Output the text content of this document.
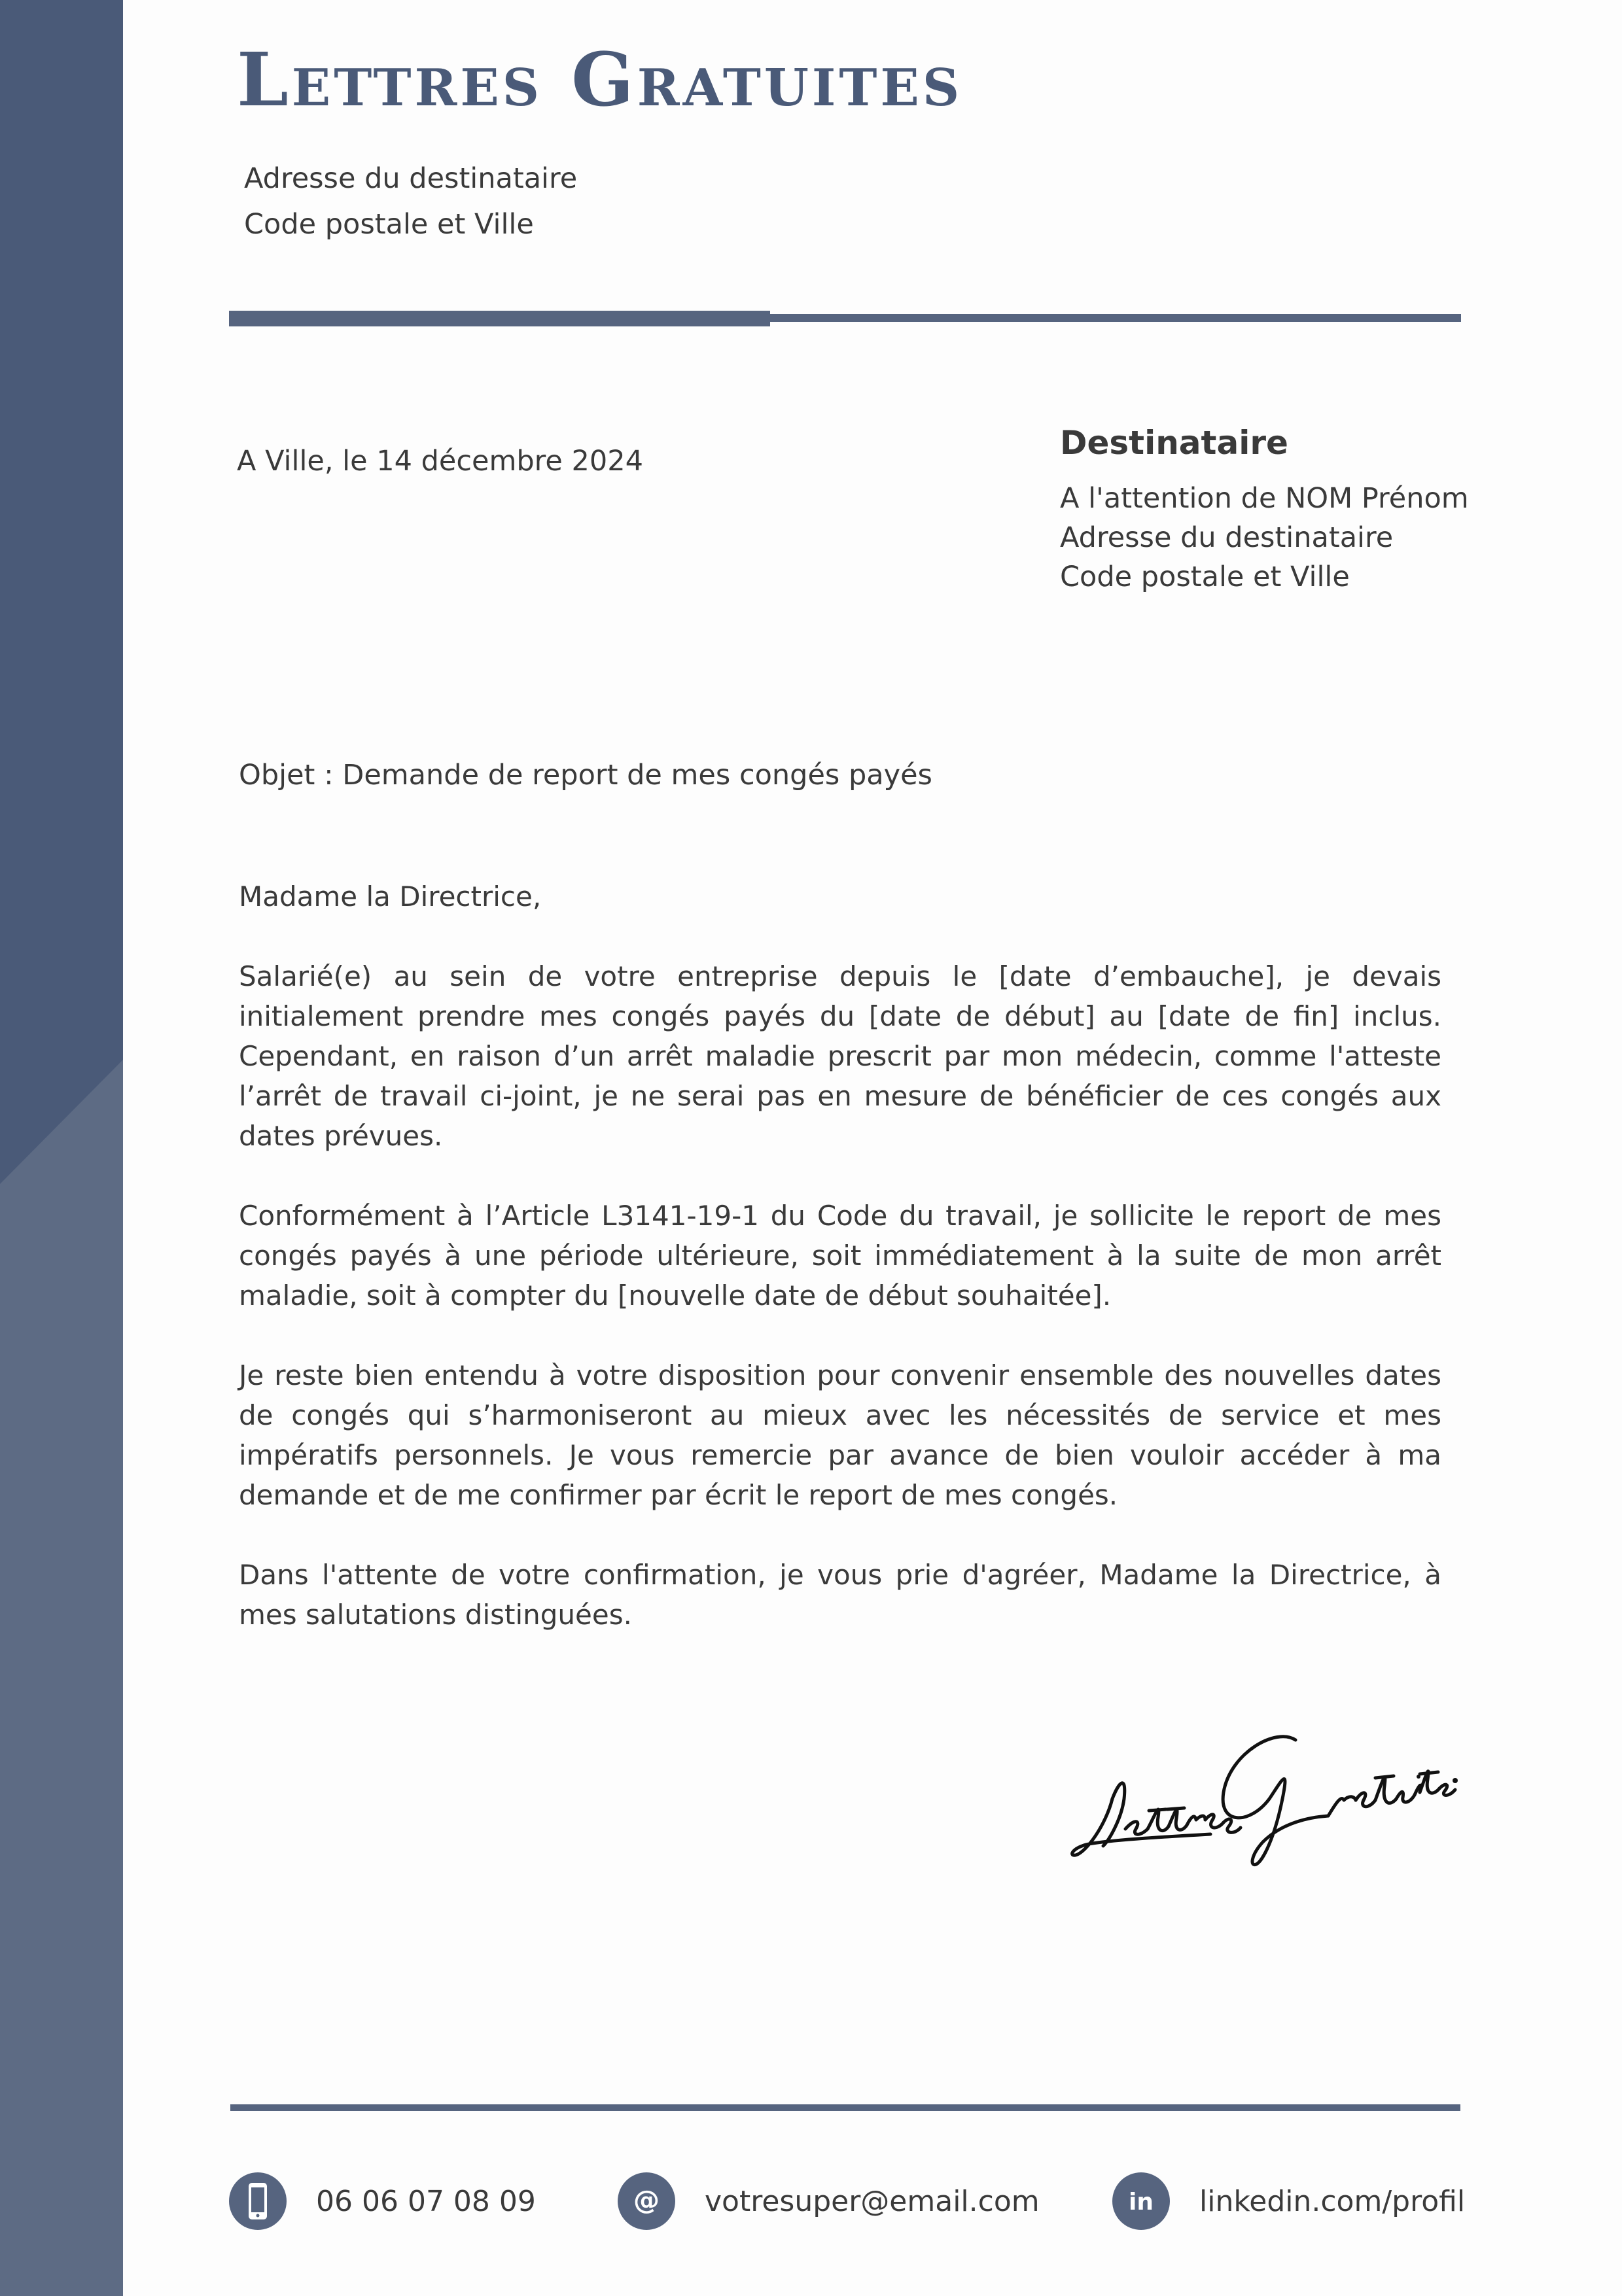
Lettres Gratuites
Adresse du destinataire
Code postale et Ville
A Ville, le 14 décembre 2024	Destinataire
A l'attention de NOM Prénom
Adresse du destinataire
Code postale et Ville
Objet : Demande de report de mes congés payés

Madame la Directrice,

Salarié(e) au sein de votre entreprise depuis le [date d’embauche], je devais initialement prendre mes congés payés du [date de début] au [date de fin] inclus. Cependant, en raison d’un arrêt maladie prescrit par mon médecin, comme l'atteste l’arrêt de travail ci-joint, je ne serai pas en mesure de bénéficier de ces congés aux dates prévues.

Conformément à l’Article L3141-19-1 du Code du travail, je sollicite le report de mes congés payés à une période ultérieure, soit immédiatement à la suite de mon arrêt maladie, soit à compter du [nouvelle date de début souhaitée].

Je reste bien entendu à votre disposition pour convenir ensemble des nouvelles dates de congés qui s’harmoniseront au mieux avec les nécessités de service et mes impératifs personnels. Je vous remercie par avance de bien vouloir accéder à ma demande et de me confirmer par écrit le report de mes congés.

Dans l'attente de votre confirmation, je vous prie d'agréer, Madame la Directrice, à mes salutations distinguées.

06 06 07 08 09	@ votresuper@email.com	in linkedin.com/profil
